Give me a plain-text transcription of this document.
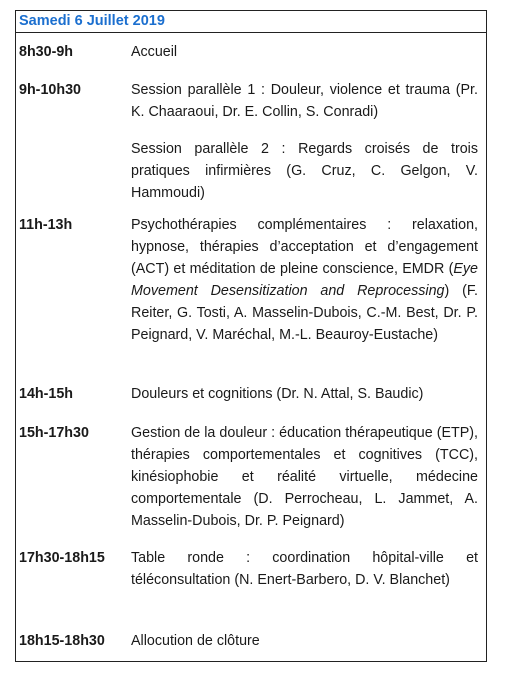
Samedi 6 Juillet 2019
8h30-9h	Accueil

9h-10h30	Session parallèle 1 : Douleur, violence et trauma (Pr. K. Chaaraoui, Dr. E. Collin, S. Conradi)

Session parallèle 2 : Regards croisés de trois pratiques infirmières (G. Cruz, C. Gelgon, V. Hammoudi)

11h-13h	Psychothérapies complémentaires : relaxation, hypnose, thérapies d’acceptation et d’engagement (ACT) et méditation de pleine conscience, EMDR (Eye Movement Desensitization and Reprocessing) (F. Reiter, G. Tosti, A. Masselin-Dubois, C.-M. Best, Dr. P. Peignard, V. Maréchal, M.-L. Beauroy-Eustache)

14h-15h	Douleurs et cognitions (Dr. N. Attal, S. Baudic)

15h-17h30	Gestion de la douleur : éducation thérapeutique (ETP), thérapies comportementales et cognitives (TCC), kinésiophobie et réalité virtuelle, médecine comportementale (D. Perrocheau, L. Jammet, A. Masselin-Dubois, Dr. P. Peignard)

17h30-18h15 Table ronde : coordination hôpital-ville et téléconsultation (N. Enert-Barbero, D. V. Blanchet)

18h15-18h30 Allocution de clôture
